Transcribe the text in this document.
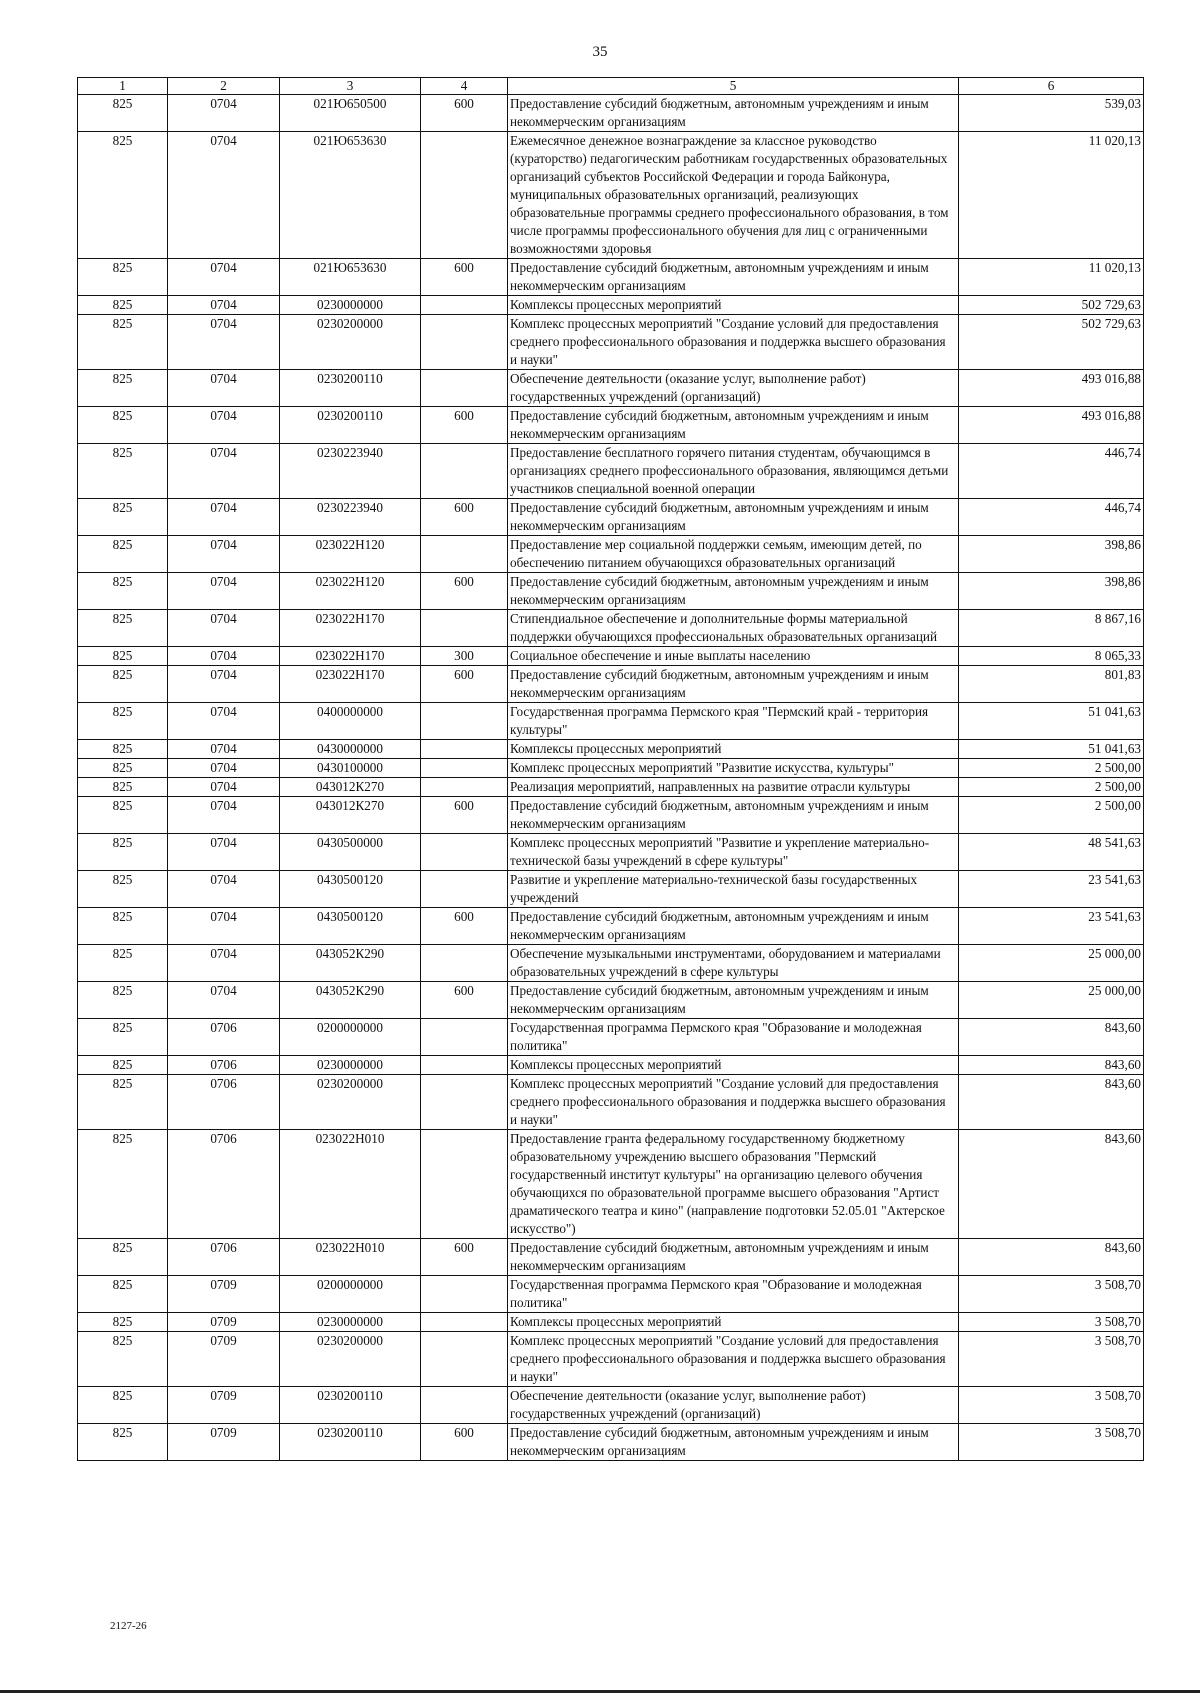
35
1	2	3	4	5	6
825	0704	021Ю650500	600	Предоставление субсидий бюджетным, автономным учреждениям и иным некоммерческим организациям	539,03
825	0704	021Ю653630		Ежемесячное денежное вознаграждение за классное руководство (кураторство) педагогическим работникам государственных образовательных организаций субъектов Российской Федерации и города Байконура, муниципальных образовательных организаций, реализующих образовательные программы среднего профессионального образования, в том числе программы профессионального обучения для лиц с ограниченными возможностями здоровья	11 020,13
825	0704	021Ю653630	600	Предоставление субсидий бюджетным, автономным учреждениям и иным некоммерческим организациям	11 020,13
825	0704	0230000000		Комплексы процессных мероприятий	502 729,63
825	0704	0230200000		Комплекс процессных мероприятий "Создание условий для предоставления среднего профессионального образования и поддержка высшего образования и науки"	502 729,63
825	0704	0230200110		Обеспечение деятельности (оказание услуг, выполнение работ) государственных учреждений (организаций)	493 016,88
825	0704	0230200110	600	Предоставление субсидий бюджетным, автономным учреждениям и иным некоммерческим организациям	493 016,88
825	0704	0230223940		Предоставление бесплатного горячего питания студентам, обучающимся в организациях среднего профессионального образования, являющимся детьми участников специальной военной операции	446,74
825	0704	0230223940	600	Предоставление субсидий бюджетным, автономным учреждениям и иным некоммерческим организациям	446,74
825	0704	023022Н120		Предоставление мер социальной поддержки семьям, имеющим детей, по обеспечению питанием обучающихся образовательных организаций	398,86
825	0704	023022Н120	600	Предоставление субсидий бюджетным, автономным учреждениям и иным некоммерческим организациям	398,86
825	0704	023022Н170		Стипендиальное обеспечение и дополнительные формы материальной поддержки обучающихся профессиональных образовательных организаций	8 867,16
825	0704	023022Н170	300	Социальное обеспечение и иные выплаты населению	8 065,33
825	0704	023022Н170	600	Предоставление субсидий бюджетным, автономным учреждениям и иным некоммерческим организациям	801,83
825	0704	0400000000		Государственная программа Пермского края "Пермский край - территория культуры"	51 041,63
825	0704	0430000000		Комплексы процессных мероприятий	51 041,63
825	0704	0430100000		Комплекс процессных мероприятий "Развитие искусства, культуры"	2 500,00
825	0704	043012К270		Реализация мероприятий, направленных на развитие отрасли культуры	2 500,00
825	0704	043012К270	600	Предоставление субсидий бюджетным, автономным учреждениям и иным некоммерческим организациям	2 500,00
825	0704	0430500000		Комплекс процессных мероприятий "Развитие и укрепление материально-технической базы учреждений в сфере культуры"	48 541,63
825	0704	0430500120		Развитие и укрепление материально-технической базы государственных учреждений	23 541,63
825	0704	0430500120	600	Предоставление субсидий бюджетным, автономным учреждениям и иным некоммерческим организациям	23 541,63
825	0704	043052К290		Обеспечение музыкальными инструментами, оборудованием и материалами образовательных учреждений в сфере культуры	25 000,00
825	0704	043052К290	600	Предоставление субсидий бюджетным, автономным учреждениям и иным некоммерческим организациям	25 000,00
825	0706	0200000000		Государственная программа Пермского края "Образование и молодежная политика"	843,60
825	0706	0230000000		Комплексы процессных мероприятий	843,60
825	0706	0230200000		Комплекс процессных мероприятий "Создание условий для предоставления среднего профессионального образования и поддержка высшего образования и науки"	843,60
825	0706	023022Н010		Предоставление гранта федеральному государственному бюджетному образовательному учреждению высшего образования "Пермский государственный институт культуры" на организацию целевого обучения обучающихся по образовательной программе высшего образования "Артист драматического театра и кино" (направление подготовки 52.05.01 "Актерское искусство")	843,60
825	0706	023022Н010	600	Предоставление субсидий бюджетным, автономным учреждениям и иным некоммерческим организациям	843,60
825	0709	0200000000		Государственная программа Пермского края "Образование и молодежная политика"	3 508,70
825	0709	0230000000		Комплексы процессных мероприятий	3 508,70
825	0709	0230200000		Комплекс процессных мероприятий "Создание условий для предоставления среднего профессионального образования и поддержка высшего образования и науки"	3 508,70
825	0709	0230200110		Обеспечение деятельности (оказание услуг, выполнение работ) государственных учреждений (организаций)	3 508,70
825	0709	0230200110	600	Предоставление субсидий бюджетным, автономным учреждениям и иным некоммерческим организациям	3 508,70
2127-26
